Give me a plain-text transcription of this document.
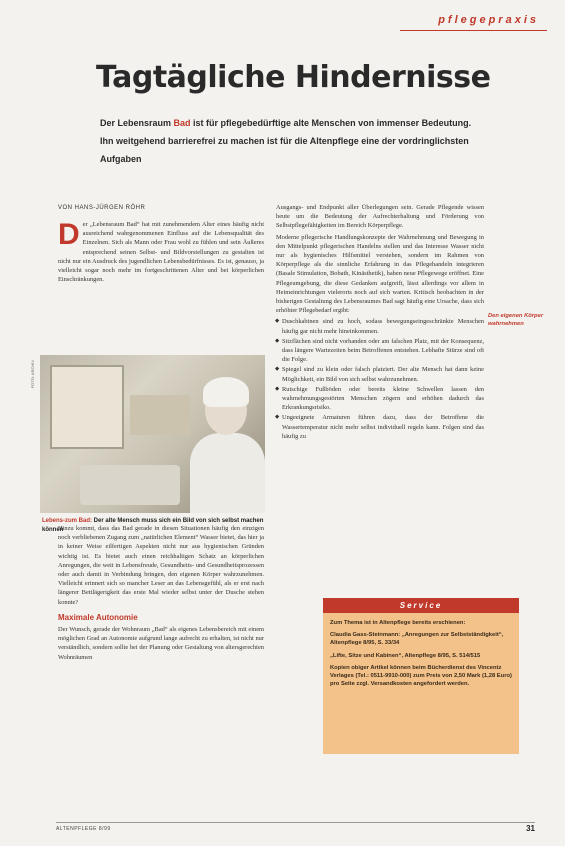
pflegepraxis
Tagtägliche Hindernisse

Der Lebensraum Bad ist für pflegebedürftige alte Menschen von immenser Bedeutung. Ihn weitgehend barrierefrei zu machen ist für die Altenpflege eine der vordringlichsten Aufgaben

VON HANS-JÜRGEN RÖHR

Der „Lebensraum Bad“ hat mit zunehmendem Alter eines häufig nicht ausreichend wahrgenommenen Einfluss auf die Lebensqualität des Einzelnen. Sich als Mann oder Frau wohl zu fühlen und sein Äußeres entsprechend seinen Selbst- und Bildvorstellungen zu gestalten ist nicht nur ein Ausdruck des jugendlichen Lebensbedürfnisses. Es ist, genauso, ja vielleicht sogar noch mehr im fortgeschrittenen Alter und bei körperlichen Einschränkungen.

FOTO: ARCHIV
Lebens-zum Bad: Der alte Mensch muss sich ein Bild von sich selbst machen können

Hinzu kommt, dass das Bad gerade in diesen Situationen häufig den einzigen noch verbliebenen Zugang zum „natürlichen Element“ Wasser bietet, das hier ja in keiner Weise eilfertigen Aspekten nicht nur aus hygienischen Gründen wichtig ist. Es bietet auch einen reichhaltigen Schatz an körperlichen Anregungen, die weit in Lebensfreude, Gesundheits- und Gesundheitsprozessen oder auch damit in Verbindung bringen, den eigenen Körper wahrzunehmen. Vielleicht erinnert sich so mancher Leser an das Lebensgefühl, als er erst nach längerer Bettlägerigkeit das erste Mal wieder selbst unter der Dusche stehen konnte?

Maximale Autonomie

Der Wunsch, gerade der Wohnraum „Bad“ als eigenes Lebensbereich mit einem möglichen Grad an Autonomie aufgrund lange aufrecht zu erhalten, ist nicht nur verständlich, sondern sollte bei der Planung oder Gestaltung von altersgerechten Wohnräumen

Ausgangs- und Endpunkt aller Überlegungen sein. Gerade Pflegende wissen heute um die Bedeutung der Aufrechterhaltung und Förderung von Selbstpflegefähigkeiten im Bereich Körperpflege.

Moderne pflegerische Handlungskonzepte der Wahrnehmung und Bewegung in den Mittelpunkt pflegerischen Handelns stellen und das Interesse Wasser nicht nur als hygienisches Hilfsmittel verstehen, sondern im Rahmen von Körperpflege als die sinnliche Erfahrung in das Pflegehandeln integrieren (Basale Stimulation, Bobath, Kinästhetik), haben neue Pflegewege eröffnet. Eine Pflegeumgebung, die diese Gedanken aufgreift, lässt allerdings vor allem in Heimeinrichtungen vielerorts noch auf sich warten. Kritisch beobachten in der bisherigen Gestaltung des Lebensraumes Bad sagt häufig eine Ursache, dass sich erhöhter Pflegebedarf ergibt:

◆ Duschkabinen sind zu hoch, sodass bewegungseingeschränkte Menschen häufig gar nicht mehr hineinkommen.
◆ Sitzflächen sind nicht vorhanden oder am falschen Platz, mit der Konsequenz, dass längere Wartezeiten beim Betroffenen entstehen. Lebhafte Stürze sind oft die Folge.
◆ Spiegel sind zu klein oder falsch platziert. Der alte Mensch hat dann keine Möglichkeit, ein Bild von sich selbst wahrzunehmen.
◆ Rutschige Fußböden oder bereits kleine Schwellen lassen den wahrnehmungsgestörten Menschen zögern und erhöhen dadurch das Erkrankungsrisiko.
◆ Ungeeignete Armaturen führen dazu, dass der Betroffene die Wassertemperatur nicht mehr selbst individuell regeln kann. Folgen sind das häufig zu
Den eigenen Körper wahrnehmen
Service

Zum Thema ist in Altenpflege bereits erschienen:

Claudia Gass-Steinmann: „Anregungen zur Selbstständigkeit“, Altenpflege 8/95, S. 33/34

„Lifte, Sitze und Kabinen“, Altenpflege 8/95, S. 514/515

Kopien obiger Artikel können beim Bücherdienst des Vincentz Verlages (Tel.: 0511-9910-000) zum Preis von 2,50 Mark (1,28 Euro) pro Seite zzgl. Versandkosten angefordert werden.

ALTENPFLEGE 8/99	31
